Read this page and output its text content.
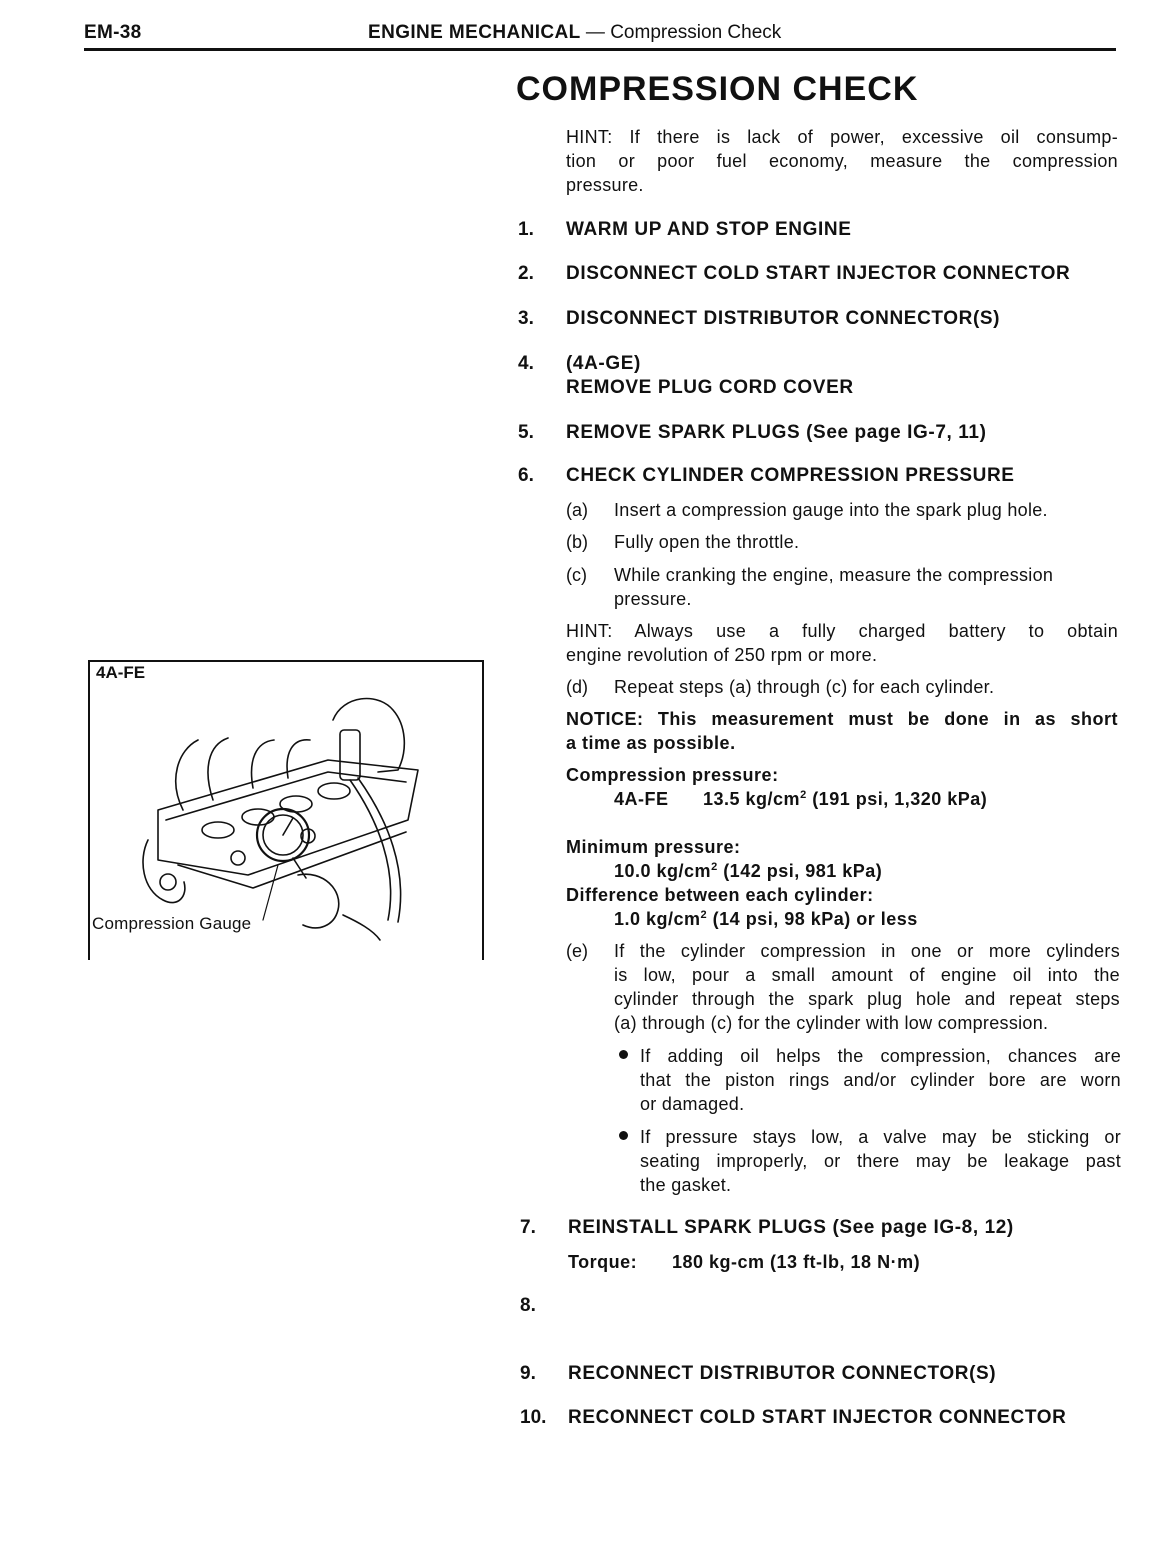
EM-38	ENGINE MECHANICAL — Compression Check
COMPRESSION CHECK
HINT: If there is lack of power, excessive oil consump-
tion or poor fuel economy, measure the compression
pressure.
1. WARM UP AND STOP ENGINE
2. DISCONNECT COLD START INJECTOR CONNECTOR
3. DISCONNECT DISTRIBUTOR CONNECTOR(S)
4. (4A-GE)
REMOVE PLUG CORD COVER
5. REMOVE SPARK PLUGS (See page IG-7, 11)
6. CHECK CYLINDER COMPRESSION PRESSURE
(a) Insert a compression gauge into the spark plug hole.
(b) Fully open the throttle.
(c) While cranking the engine, measure the compression
pressure.
HINT: Always use a fully charged battery to obtain
engine revolution of 250 rpm or more.
(d) Repeat steps (a) through (c) for each cylinder.
NOTICE: This measurement must be done in as short
a time as possible.
Compression pressure:
4A-FE 13.5 $kg/cm^2$ (191 psi, 1,320 kPa)
Minimum pressure:
10.0 $kg/cm^2$ (142 psi, 981 kPa)
Difference between each cylinder:
1.0 $kg/cm^2$ (14 psi, 98 kPa) or less
(e) If the cylinder compression in one or more cylinders
is low, pour a small amount of engine oil into the
cylinder through the spark plug hole and repeat steps
(a) through (c) for the cylinder with low compression.
If adding oil helps the compression, chances are
that the piston rings and/or cylinder bore are worn
or damaged.
If pressure stays low, a valve may be sticking or
seating improperly, or there may be leakage past
the gasket.
7. REINSTALL SPARK PLUGS (See page IG-8, 12)
Torque: 180 kg-cm (13 ft-lb, 18 N·m)
8.
9. RECONNECT DISTRIBUTOR CONNECTOR(S)
10. RECONNECT COLD START INJECTOR CONNECTOR
4A-FE
Compression Gauge
